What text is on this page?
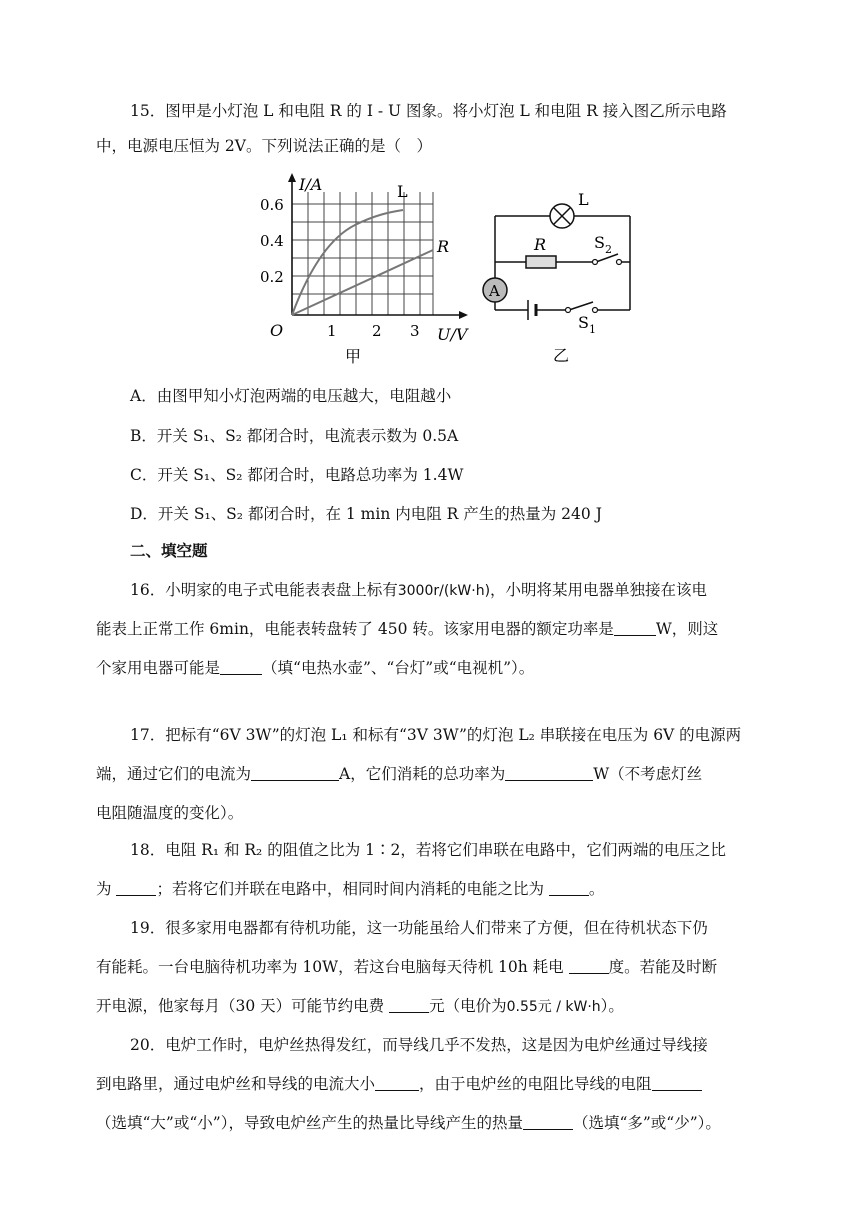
15．图甲是小灯泡 L 和电阻 R 的 I - U 图象。将小灯泡 L 和电阻 R 接入图乙所示电路
中，电源电压恒为 2V。下列说法正确的是（　）
I/A	L
R
0.6
0.4
0.2
O	1 2 3 U/V
甲
A
L
R	$S_2$
$S_1$
乙
A．由图甲知小灯泡两端的电压越大，电阻越小
B．开关 S₁、S₂ 都闭合时，电流表示数为 0.5A
C．开关 S₁、S₂ 都闭合时，电路总功率为 1.4W
D．开关 S₁、S₂ 都闭合时，在 1 min 内电阻 R 产生的热量为 240 J
二、填空题
16．小明家的电子式电能表表盘上标有3000r/(kW·h)，小明将某用电器单独接在该电
能表上正常工作 6min，电能表转盘转了 450 转。该家用电器的额定功率是	W，则这
个家用电器可能是	（填“电热水壶”、“台灯”或“电视机”）。
17．把标有“6V 3W”的灯泡 L₁ 和标有“3V 3W”的灯泡 L₂ 串联接在电压为 6V 的电源两
端，通过它们的电流为	A，它们消耗的总功率为	W（不考虑灯丝
电阻随温度的变化）。
18．电阻 R₁ 和 R₂ 的阻值之比为 1∶2，若将它们串联在电路中，它们两端的电压之比
为	；若将它们并联在电路中，相同时间内消耗的电能之比为	。
19．很多家用电器都有待机功能，这一功能虽给人们带来了方便，但在待机状态下仍
有能耗。一台电脑待机功率为 10W，若这台电脑每天待机 10h 耗电	度。若能及时断
开电源，他家每月（30 天）可能节约电费	元（电价为0.55元 / kW·h）。
20．电炉工作时，电炉丝热得发红，而导线几乎不发热，这是因为电炉丝通过导线接
到电路里，通过电炉丝和导线的电流大小	，由于电炉丝的电阻比导线的电阻
（选填“大”或“小”），导致电炉丝产生的热量比导线产生的热量	（选填“多”或“少”）。
